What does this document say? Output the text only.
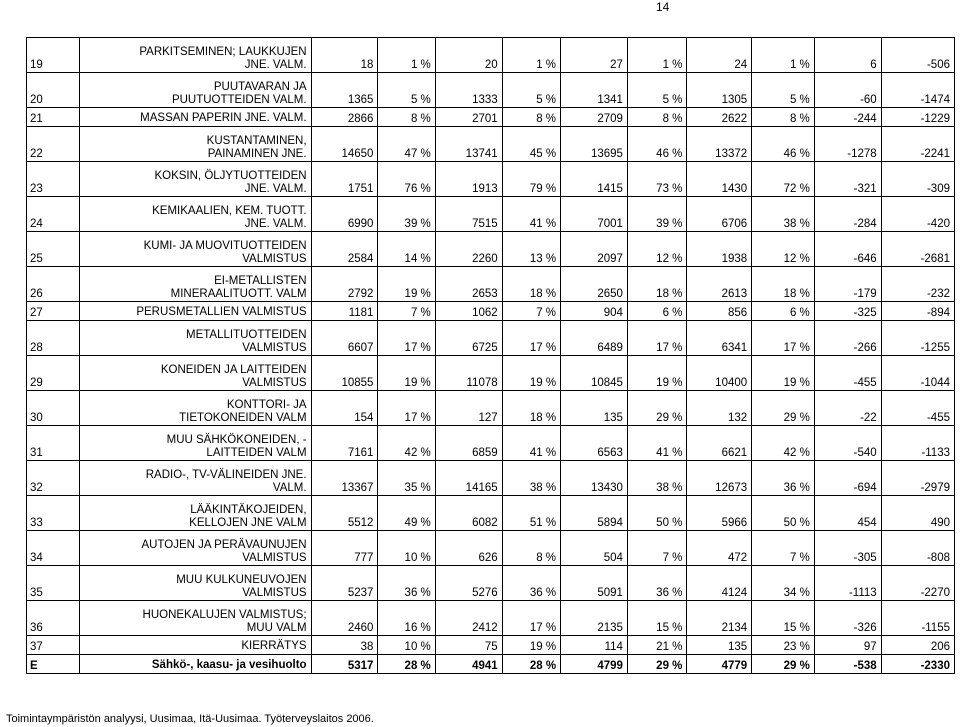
14
19	PARKITSEMINEN; LAUKKUJEN
JNE. VALM.	18	1 %	20	1 %	27	1 %	24	1 %	6	-506
20	PUUTAVARAN JA
PUUTUOTTEIDEN VALM.	1365	5 %	1333	5 %	1341	5 %	1305	5 %	-60	-1474
21	MASSAN PAPERIN JNE. VALM.	2866	8 %	2701	8 %	2709	8 %	2622	8 %	-244	-1229
22	KUSTANTAMINEN,
PAINAMINEN JNE.	14650	47 %	13741	45 %	13695	46 %	13372	46 %	-1278	-2241
23	KOKSIN, ÖLJYTUOTTEIDEN
JNE. VALM.	1751	76 %	1913	79 %	1415	73 %	1430	72 %	-321	-309
24	KEMIKAALIEN, KEM. TUOTT.
JNE. VALM.	6990	39 %	7515	41 %	7001	39 %	6706	38 %	-284	-420
25	KUMI- JA MUOVITUOTTEIDEN
VALMISTUS	2584	14 %	2260	13 %	2097	12 %	1938	12 %	-646	-2681
26	EI-METALLISTEN
MINERAALITUOTT. VALM	2792	19 %	2653	18 %	2650	18 %	2613	18 %	-179	-232
27	PERUSMETALLIEN VALMISTUS	1181	7 %	1062	7 %	904	6 %	856	6 %	-325	-894
28	METALLITUOTTEIDEN
VALMISTUS	6607	17 %	6725	17 %	6489	17 %	6341	17 %	-266	-1255
29	KONEIDEN JA LAITTEIDEN
VALMISTUS	10855	19 %	11078	19 %	10845	19 %	10400	19 %	-455	-1044
30	KONTTORI- JA
TIETOKONEIDEN VALM	154	17 %	127	18 %	135	29 %	132	29 %	-22	-455
31	MUU SÄHKÖKONEIDEN, -
LAITTEIDEN VALM	7161	42 %	6859	41 %	6563	41 %	6621	42 %	-540	-1133
32	RADIO-, TV-VÄLINEIDEN JNE.
VALM.	13367	35 %	14165	38 %	13430	38 %	12673	36 %	-694	-2979
33	LÄÄKINTÄKOJEIDEN,
KELLOJEN JNE VALM	5512	49 %	6082	51 %	5894	50 %	5966	50 %	454	490
34	AUTOJEN JA PERÄVAUNUJEN
VALMISTUS	777	10 %	626	8 %	504	7 %	472	7 %	-305	-808
35	MUU KULKUNEUVOJEN
VALMISTUS	5237	36 %	5276	36 %	5091	36 %	4124	34 %	-1113	-2270
36	HUONEKALUJEN VALMISTUS;
MUU VALM	2460	16 %	2412	17 %	2135	15 %	2134	15 %	-326	-1155
37	KIERRÄTYS	38	10 %	75	19 %	114	21 %	135	23 %	97	206
E	Sähkö-, kaasu- ja vesihuolto	5317	28 %	4941	28 %	4799	29 %	4779	29 %	-538	-2330
Toimintaympäristön analyysi, Uusimaa, Itä-Uusimaa. Työterveyslaitos 2006.
